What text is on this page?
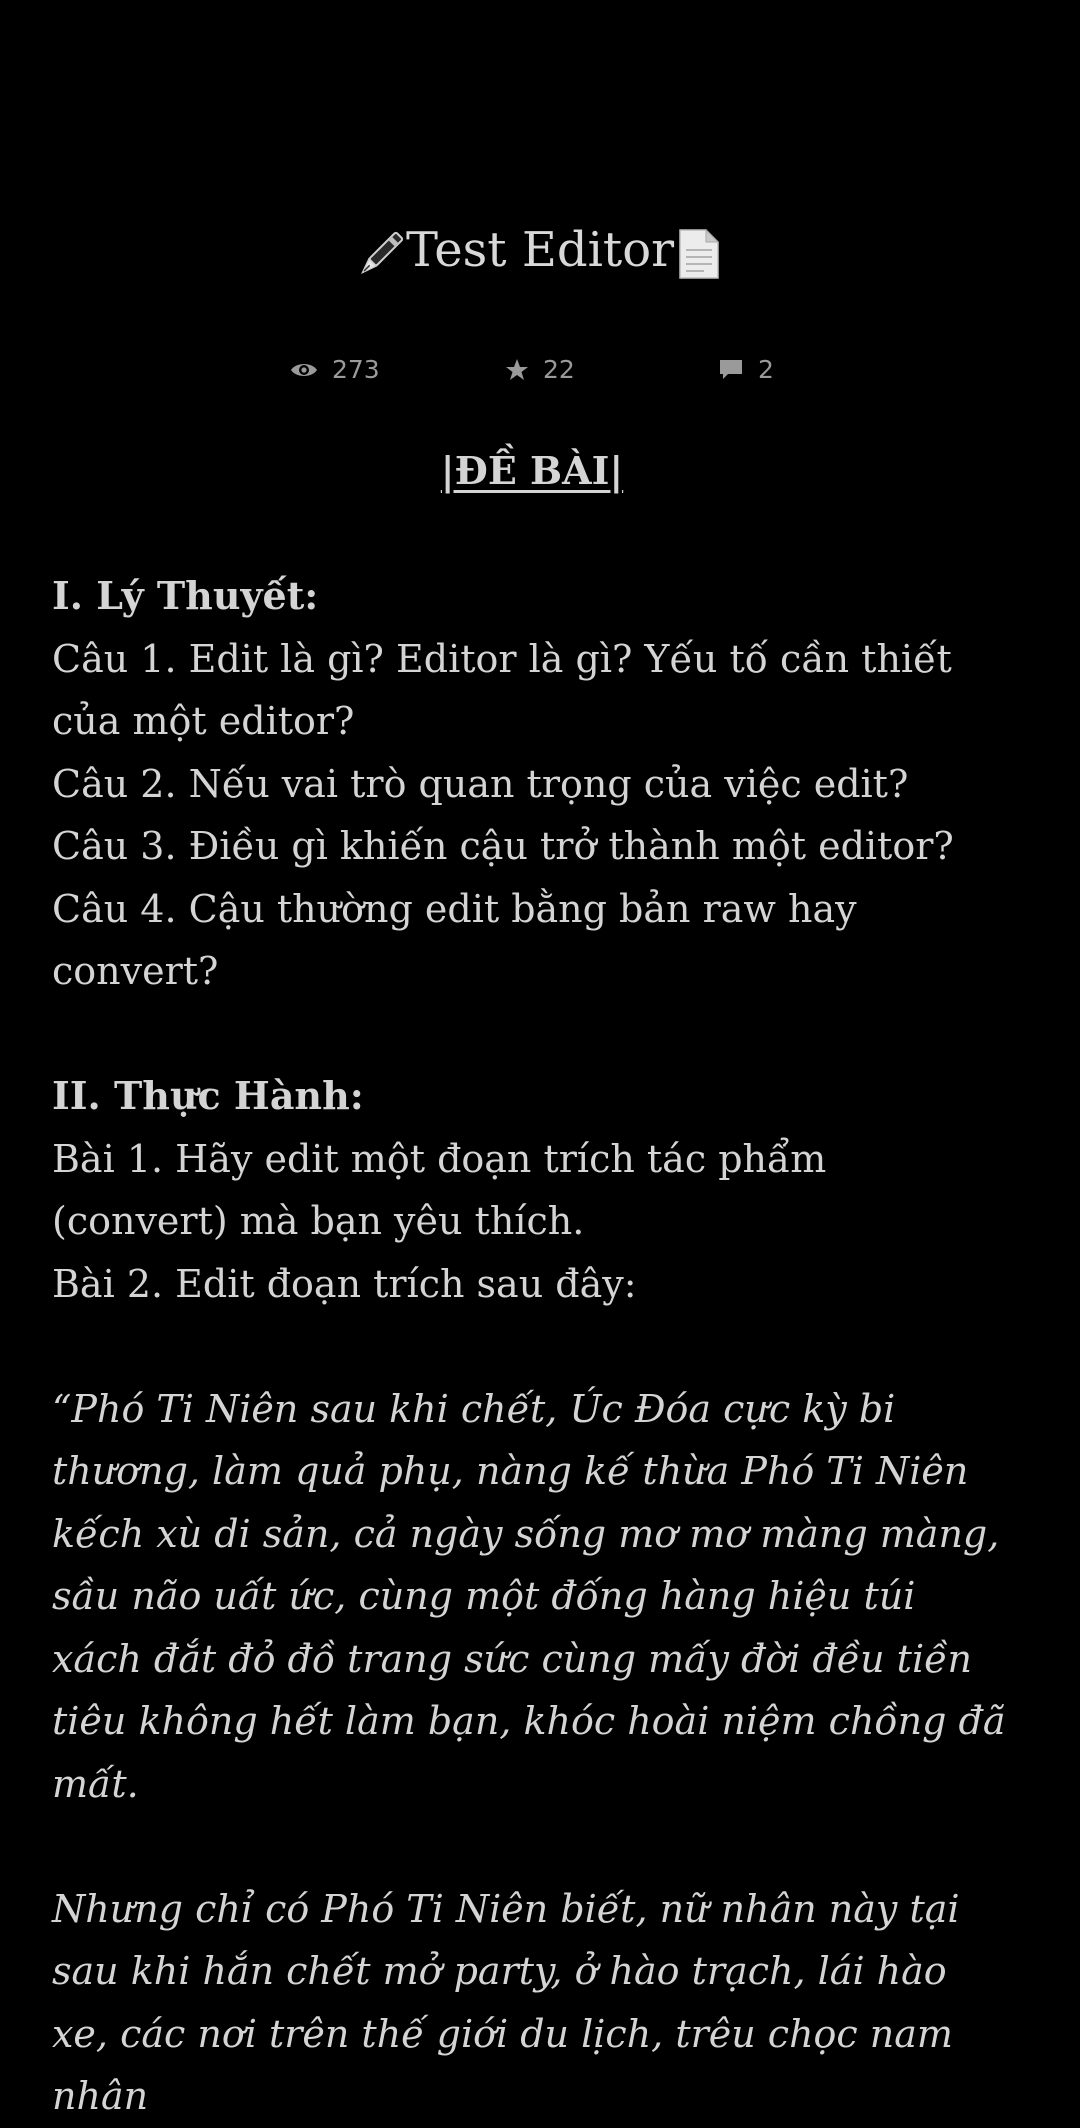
Test Editor
273	22	2

|ĐỀ BÀI|

I. Lý Thuyết:

Câu 1. Edit là gì? Editor là gì? Yếu tố cần thiết của một editor?

Câu 2. Nếu vai trò quan trọng của việc edit?

Câu 3. Điều gì khiến cậu trở thành một editor?

Câu 4. Cậu thường edit bằng bản raw hay convert?

II. Thực Hành:

Bài 1. Hãy edit một đoạn trích tác phẩm (convert) mà bạn yêu thích.

Bài 2. Edit đoạn trích sau đây:

“Phó Ti Niên sau khi chết, Úc Đóa cực kỳ bi thương, làm quả phụ, nàng kế thừa Phó Ti Niên kếch xù di sản, cả ngày sống mơ mơ màng màng, sầu não uất ức, cùng một đống hàng hiệu túi xách đắt đỏ đồ trang sức cùng mấy đời đều tiền tiêu không hết làm bạn, khóc hoài niệm chồng đã mất.

Nhưng chỉ có Phó Ti Niên biết, nữ nhân này tại sau khi hắn chết mở party, ở hào trạch, lái hào xe, các nơi trên thế giới du lịch, trêu chọc nam nhân
